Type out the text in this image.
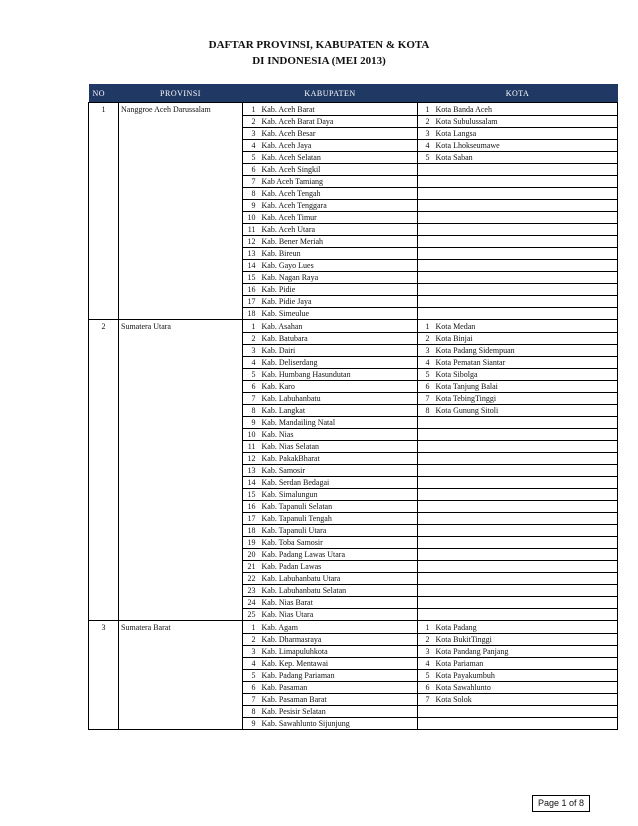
DAFTAR PROVINSI, KABUPATEN & KOTA
DI INDONESIA (MEI 2013)
NO	PROVINSI	KABUPATEN		KOTA	
1	Nanggroe Aceh Darussalam	1	Kab. Aceh Barat	1	Kota Banda Aceh
		2	Kab. Aceh Barat Daya	2	Kota Subulussalam
		3	Kab. Aceh Besar	3	Kota Langsa
		4	Kab. Aceh Jaya	4	Kota Lhokseumawe
		5	Kab. Aceh Selatan	5	Kota Saban
		6	Kab. Aceh Singkil		
		7	Kab Aceh Tamiang		
		8	Kab. Aceh Tengah		
		9	Kab. Aceh Tenggara		
		10	Kab. Aceh Timur		
		11	Kab. Aceh Utara		
		12	Kab. Bener Meriah		
		13	Kab. Bireun		
		14	Kab. Gayo Lues		
		15	Kab. Nagan Raya		
		16	Kab. Pidie		
		17	Kab. Pidie Jaya		
		18	Kab. Simeulue		
2	Sumatera Utara	1	Kab. Asahan	1	Kota Medan
		2	Kab. Batubara	2	Kota Binjai
		3	Kab. Dairi	3	Kota Padang Sidempuan
		4	Kab. Deliserdang	4	Kota Pematan Siantar
		5	Kab. Humbang Hasundutan	5	Kota Sibolga
		6	Kab. Karo	6	Kota Tanjung Balai
		7	Kab. Labuhanbatu	7	Kota TebingTinggi
		8	Kab. Langkat	8	Kota Gunung Sitoli
		9	Kab. Mandailing Natal		
		10	Kab. Nias		
		11	Kab. Nias Selatan		
		12	Kab. PakakBharat		
		13	Kab. Samosir		
		14	Kab. Serdan Bedagai		
		15	Kab. Simalungun		
		16	Kab. Tapanuli Selatan		
		17	Kab. Tapanuli Tengah		
		18	Kab. Tapanuli Utara		
		19	Kab. Toba Samosir		
		20	Kab. Padang Lawas Utara		
		21	Kab. Padan Lawas		
		22	Kab. Labuhanbatu Utara		
		23	Kab. Labuhanbatu Selatan		
		24	Kab. Nias Barat		
		25	Kab. Nias Utara		
3	Sumatera Barat	1	Kab. Agam	1	Kota Padang
		2	Kab. Dharmasraya	2	Kota BukitTinggi
		3	Kab. Limapuluhkota	3	Kota Pandang Panjang
		4	Kab. Kep. Mentawai	4	Kota Pariaman
		5	Kab. Padang Pariaman	5	Kota Payakumbuh
		6	Kab. Pasaman	6	Kota Sawahlunto
		7	Kab. Pasaman Barat	7	Kota Solok
		8	Kab. Pesisir Selatan		
		9	Kab. Sawahlunto Sijunjung		
Page 1 of 8
